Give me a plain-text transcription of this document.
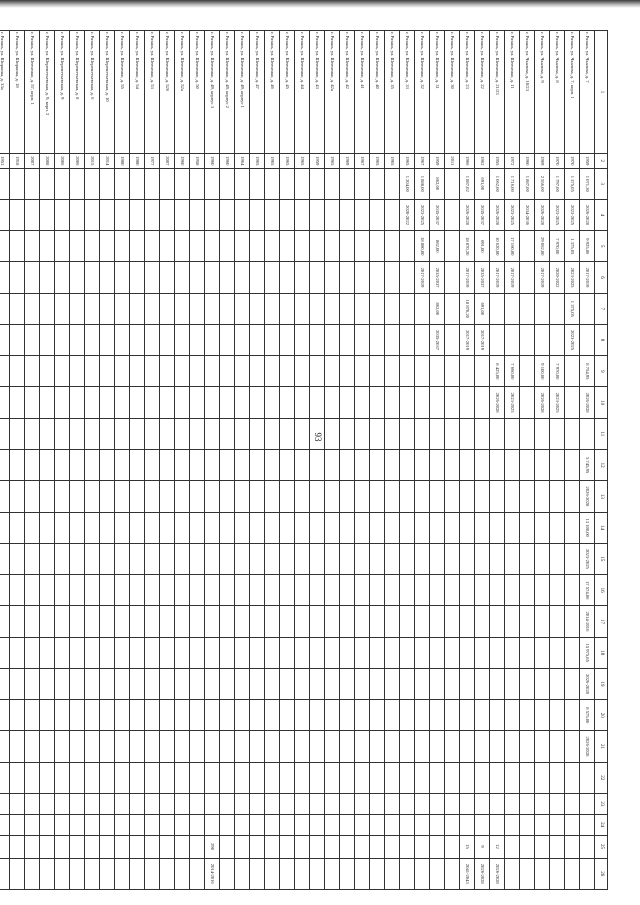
93
1	2	3	4	5	6	7	8	9	10	11	12	13	14	15	16	17	18	19	20	21	22	23	24	25	26
г. Рязань, ул. Чкалова, д. 7	1959	1 071,30	2026-2028	9 925,86	2017-2019			8 754,95	2026-2028		5 745,95	2026-2028	13 100,00	2023-2025	17 574,86	2014-2016	15 975,85	2026-2028	8 575,00	2026-2028					
г. Рязань, ул. Чкалова, д. 7, корп. 1	1970	1 375,05	2023-2025	1 375,05	2023-2025	1 375,05	2023-2025																		
г. Рязань, ул. Чкалова, д. 8	1970	1 797,00	2023-2025	7 970,00	2020-2022			7 970,00	2023-2025																
г. Рязань, ул. Чкалова, д. 9	1969	2 556,00	2026-2028	29 062,00	2017-2019			9 100,00	2026-2028																
г. Рязань, ул. Чкалова, д. 10/23	1960	1 887,00	2034-2036																						
г. Рязань, ул. Шевченко, д. 11	1972	1 716,00	2023-2025	17 160,00	2017-2019			7 660,00	2023-2025																
г. Рязань, ул. Шевченко, д. 21/23	1955	1 062,00	2026-2028	10 620,00	2017-2019			8 425,00	2026-2028															12	2026-2028
г. Рязань, ул. Шевченко, д. 22	1962	691,00	2035-2037	691,00	2035-2037	691,00	2017-2019																	9	2026-2028
г. Рязань, ул. Шевченко, д. 23	1966	1 887,02	2026-2028	18 870,20	2017-2019	18 870,20	2017-2019																	15	2041-2043
г. Рязань, ул. Шевченко, д. 30	2011																								
г. Рязань, ул. Шевченко, д. 31	1959	862,00	2035-2037	862,00	2035-2037	862,00	2035-2037																		
г. Рязань, ул. Шевченко, д. 32	1967	1 888,00	2023-2025	18 880,00	2017-2019																				
г. Рязань, ул. Шевченко, д. 33	1965	1 204,00	2020-2022																						
г. Рязань, ул. Шевченко, д. 35	1965																								
г. Рязань, ул. Шевченко, д. 40	1965																								
г. Рязань, ул. Шевченко, д. 41	1967																								
г. Рязань, ул. Шевченко, д. 42	1969																								
г. Рязань, ул. Шевченко, д. 42а	1965																								
г. Рязань, ул. Шевченко, д. 43	1959																								
г. Рязань, ул. Шевченко, д. 44	1965																								
г. Рязань, ул. Шевченко, д. 45	1965																								
г. Рязань, ул. Шевченко, д. 46	1965																								
г. Рязань, ул. Шевченко, д. 47	1965																								
г. Рязань, ул. Шевченко, д. 49, корпус 1	1964																								
г. Рязань, ул. Шевченко, д. 49, корпус 2	1960																								
г. Рязань, ул. Шевченко, д. 49, корпус 3	1960																							290	2014-2016
г. Рязань, ул. Шевченко, д. 50	1958																								
г. Рязань, ул. Шевченко, д. 52а	1960																								
г. Рязань, ул. Шевченко, д. 52б	2007																								
г. Рязань, ул. Шевченко, д. 53	1977																								
г. Рязань, ул. Шевченко, д. 54	1980																								
г. Рязань, ул. Шевченко, д. 55	1980																								
г. Рязань, ул. Шереметьевская, д. 10	2014																								
г. Рязань, ул. Шереметьевская, д. 6	2015																								
г. Рязань, ул. Шереметьевская, д. 8	2006																								
г. Рязань, ул. Шереметьевская, д. 9	2006																								
г. Рязань, ул. Шереметьевская, д. 9, корп. 2	2008																								
г. Рязань, ул. Шевченко, д. 57, корп. 1	2007																								
г. Рязань, ул. Ширкина, д. 18	1918																								
г. Рязань, ул. Ширкина, д. 33а	1953																								
